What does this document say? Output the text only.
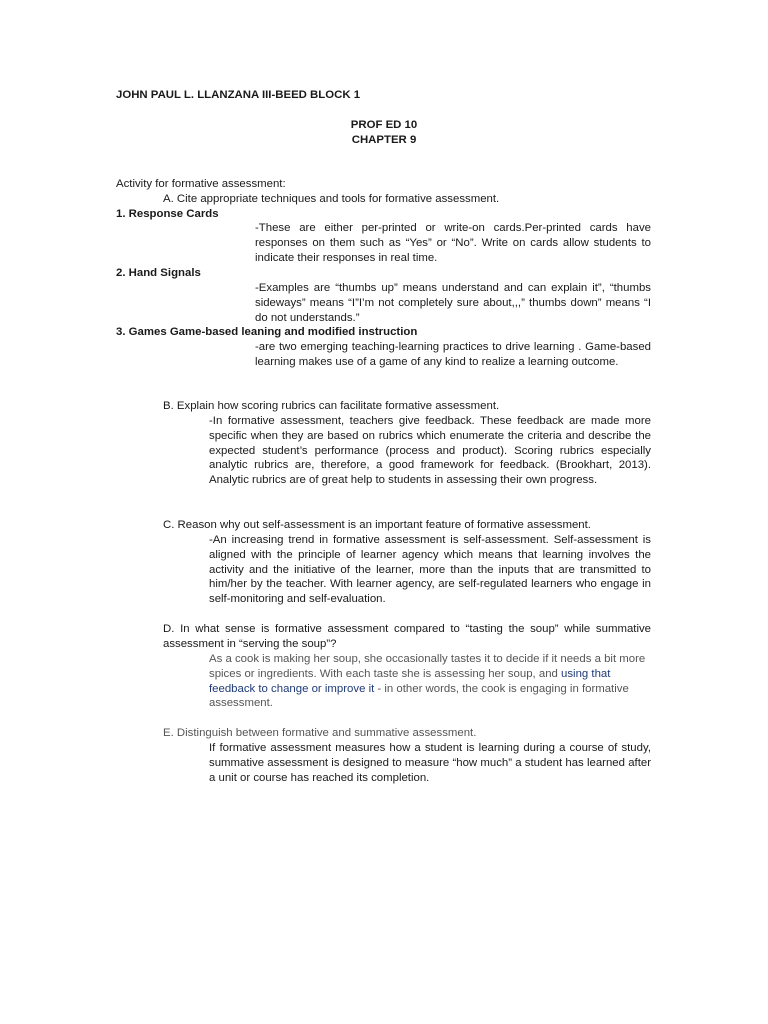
JOHN PAUL L. LLANZANA III-BEED BLOCK 1

PROF ED 10

CHAPTER 9

Activity for formative assessment:

A. Cite appropriate techniques and tools for formative assessment.

1. Response Cards

-These are either per-printed or write-on cards.Per-printed cards have responses on them such as “Yes” or “No”. Write on cards allow students to indicate their responses in real time.

2. Hand Signals

-Examples are “thumbs up” means understand and can explain it”, “thumbs sideways” means “I”I’m not completely sure about,,,” thumbs down” means “I do not understands.”

3. Games Game-based leaning and modified instruction

-are two emerging teaching-learning practices to drive learning . Game-based learning makes use of a game of any kind to realize a learning outcome.

B. Explain how scoring rubrics can facilitate formative assessment.

-In formative assessment, teachers give feedback. These feedback are made more specific when they are based on rubrics which enumerate the criteria and describe the expected student’s performance (process and product). Scoring rubrics especially analytic rubrics are, therefore, a good framework for feedback. (Brookhart, 2013). Analytic rubrics are of great help to students in assessing their own progress.

C. Reason why out self-assessment is an important feature of formative assessment.

-An increasing trend in formative assessment is self-assessment. Self-assessment is aligned with the principle of learner agency which means that learning involves the activity and the initiative of the learner, more than the inputs that are transmitted to him/her by the teacher. With learner agency, are self-regulated learners who engage in self-monitoring and self-evaluation.

D. In what sense is formative assessment compared to “tasting the soup” while summative assessment in “serving the soup”?

As a cook is making her soup, she occasionally tastes it to decide if it needs a bit more spices or ingredients. With each taste she is assessing her soup, and using that feedback to change or improve it - in other words, the cook is engaging in formative assessment.

E. Distinguish between formative and summative assessment.

If formative assessment measures how a student is learning during a course of study, summative assessment is designed to measure “how much” a student has learned after a unit or course has reached its completion.
